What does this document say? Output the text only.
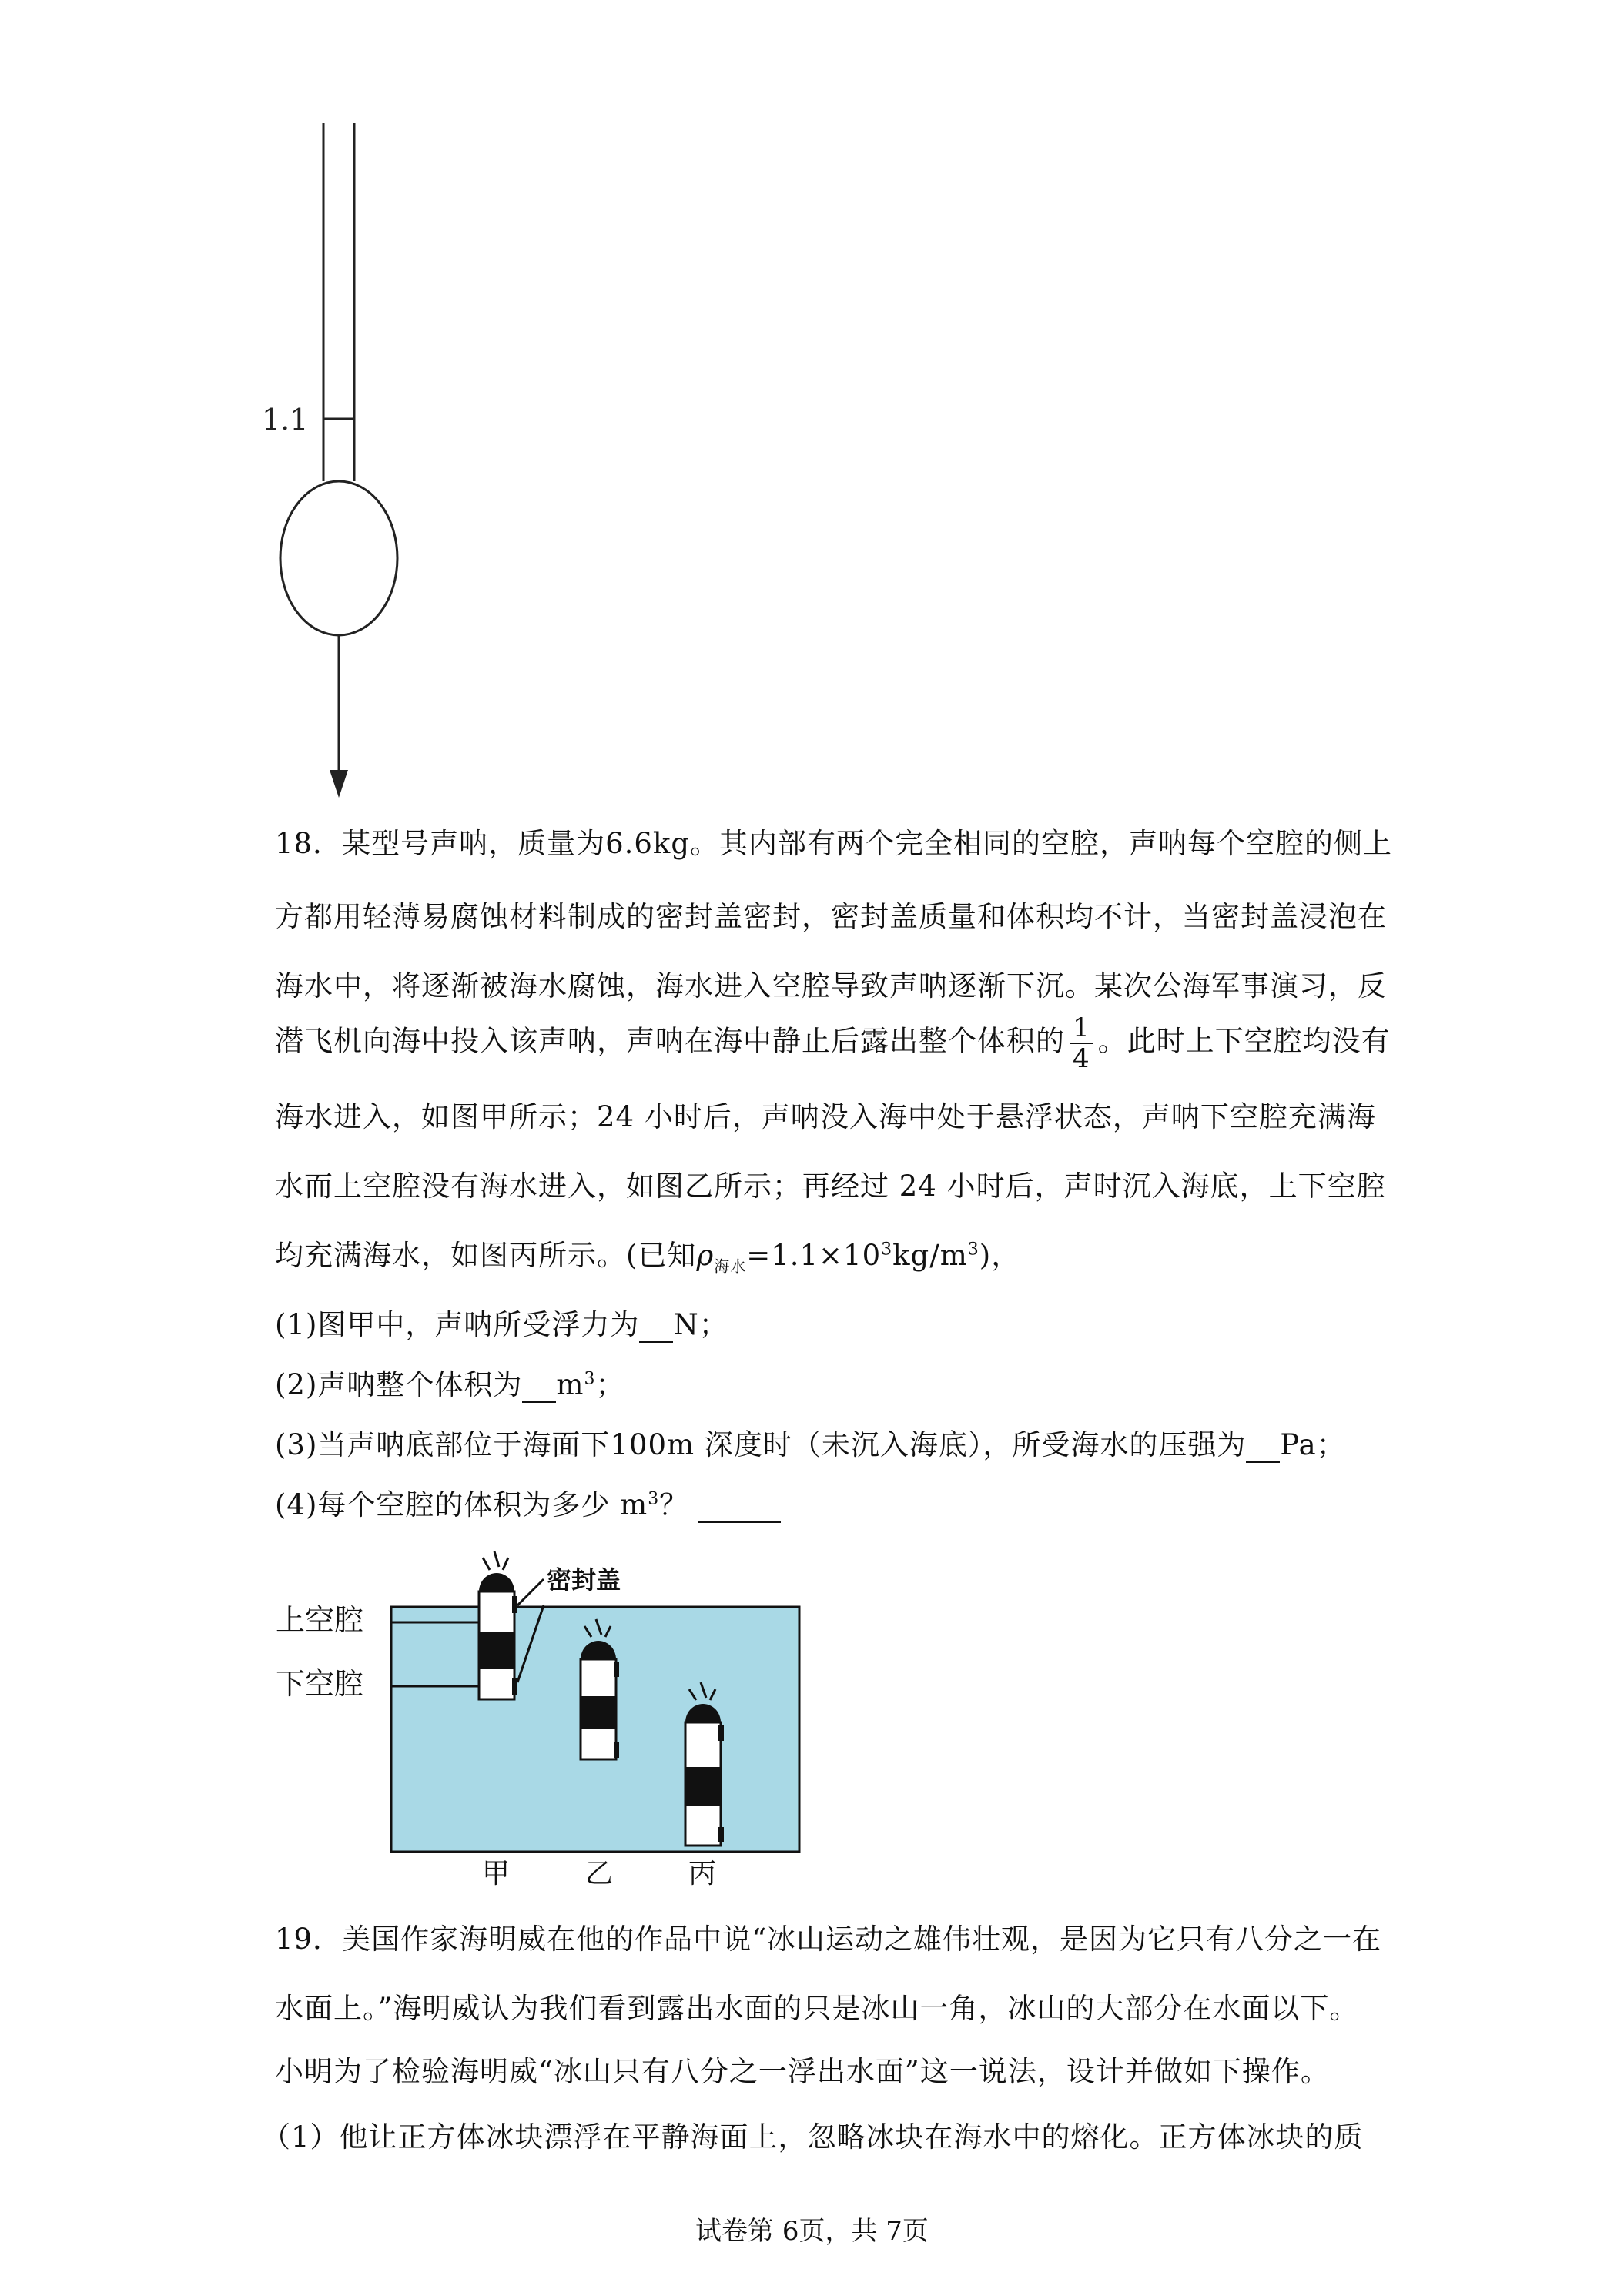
1.1
18．某型号声呐，质量为6.6kg。其内部有两个完全相同的空腔，声呐每个空腔的侧上
方都用轻薄易腐蚀材料制成的密封盖密封，密封盖质量和体积均不计，当密封盖浸泡在
海水中，将逐渐被海水腐蚀，海水进入空腔导致声呐逐渐下沉。某次公海军事演习，反
潜飞机向海中投入该声呐，声呐在海中静止后露出整个体积的 $\frac{1}{4}$ 。此时上下空腔均没有
海水进入，如图甲所示；24 小时后，声呐没入海中处于悬浮状态，声呐下空腔充满海
水而上空腔没有海水进入，如图乙所示；再经过 24 小时后，声时沉入海底，上下空腔
均充满海水，如图丙所示。(已知$\rho_{海水}=1.1\times 10^3kg/m^3$)，
(1)图甲中，声呐所受浮力为 N；
(2)声呐整个体积为 $m^3$；
(3)当声呐底部位于海面下100m 深度时（未沉入海底），所受海水的压强为 Pa；
(4)每个空腔的体积为多少 $m^3$？
上空腔
下空腔
密封盖
甲	乙	丙
19．美国作家海明威在他的作品中说“冰山运动之雄伟壮观，是因为它只有八分之一在
水面上。”海明威认为我们看到露出水面的只是冰山一角，冰山的大部分在水面以下。
小明为了检验海明威“冰山只有八分之一浮出水面”这一说法，设计并做如下操作。
（1）他让正方体冰块漂浮在平静海面上，忽略冰块在海水中的熔化。正方体冰块的质
试卷第 6页，共 7页
